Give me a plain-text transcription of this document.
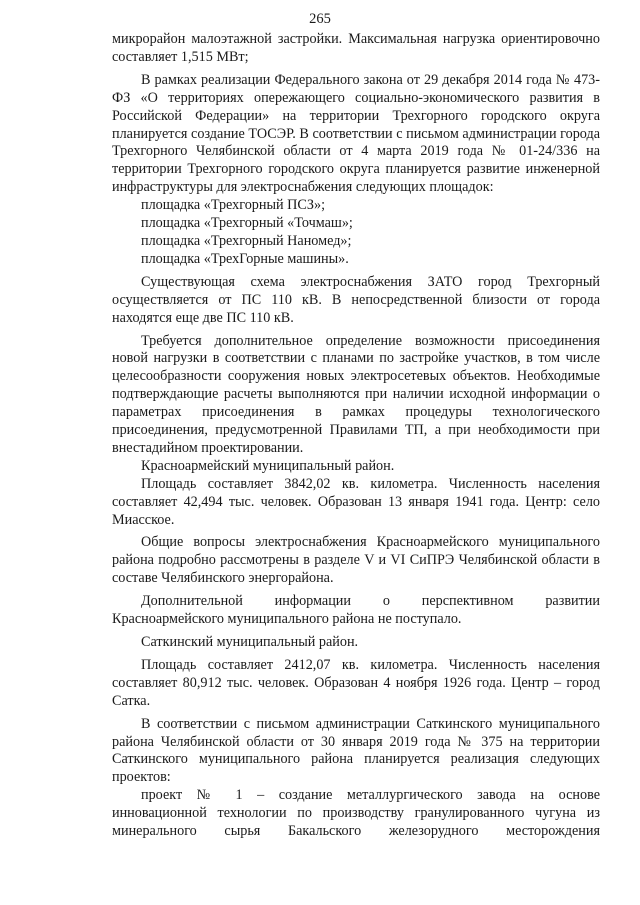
265

микрорайон малоэтажной застройки. Максимальная нагрузка ориентировочно составляет 1,515 МВт;

В рамках реализации Федерального закона от 29 декабря 2014 года № 473-ФЗ «О территориях опережающего социально-экономического развития в Российской Федерации» на территории Трехгорного городского округа планируется создание ТОСЭР. В соответствии с письмом администрации города Трехгорного Челябинской области от 4 марта 2019 года № 01-24/336 на территории Трехгорного городского округа планируется развитие инженерной инфраструктуры для электроснабжения следующих площадок:

площадка «Трехгорный ПСЗ»;

площадка «Трехгорный «Точмаш»;

площадка «Трехгорный Наномед»;

площадка «ТрехГорные машины».

Существующая схема электроснабжения ЗАТО город Трехгорный осуществляется от ПС 110 кВ. В непосредственной близости от города находятся еще две ПС 110 кВ.

Требуется дополнительное определение возможности присоединения новой нагрузки в соответствии с планами по застройке участков, в том числе целесообразности сооружения новых электросетевых объектов. Необходимые подтверждающие расчеты выполняются при наличии исходной информации о параметрах присоединения в рамках процедуры технологического присоединения, предусмотренной Правилами ТП, а при необходимости при внестадийном проектировании.

Красноармейский муниципальный район.

Площадь составляет 3842,02 кв. километра. Численность населения составляет 42,494 тыс. человек. Образован 13 января 1941 года. Центр: село Миасское.

Общие вопросы электроснабжения Красноармейского муниципального района подробно рассмотрены в разделе V и VI СиПРЭ Челябинской области в составе Челябинского энергорайона.

Дополнительной информации о перспективном развитии Красноармейского муниципального района не поступало.

Саткинский муниципальный район.

Площадь составляет 2412,07 кв. километра. Численность населения составляет 80,912 тыс. человек. Образован 4 ноября 1926 года. Центр – город Сатка.

В соответствии с письмом администрации Саткинского муниципального района Челябинской области от 30 января 2019 года № 375 на территории Саткинского муниципального района планируется реализация следующих проектов:

проект № 1 – создание металлургического завода на основе инновационной технологии по производству гранулированного чугуна из минерального сырья Бакальского железорудного месторождения
